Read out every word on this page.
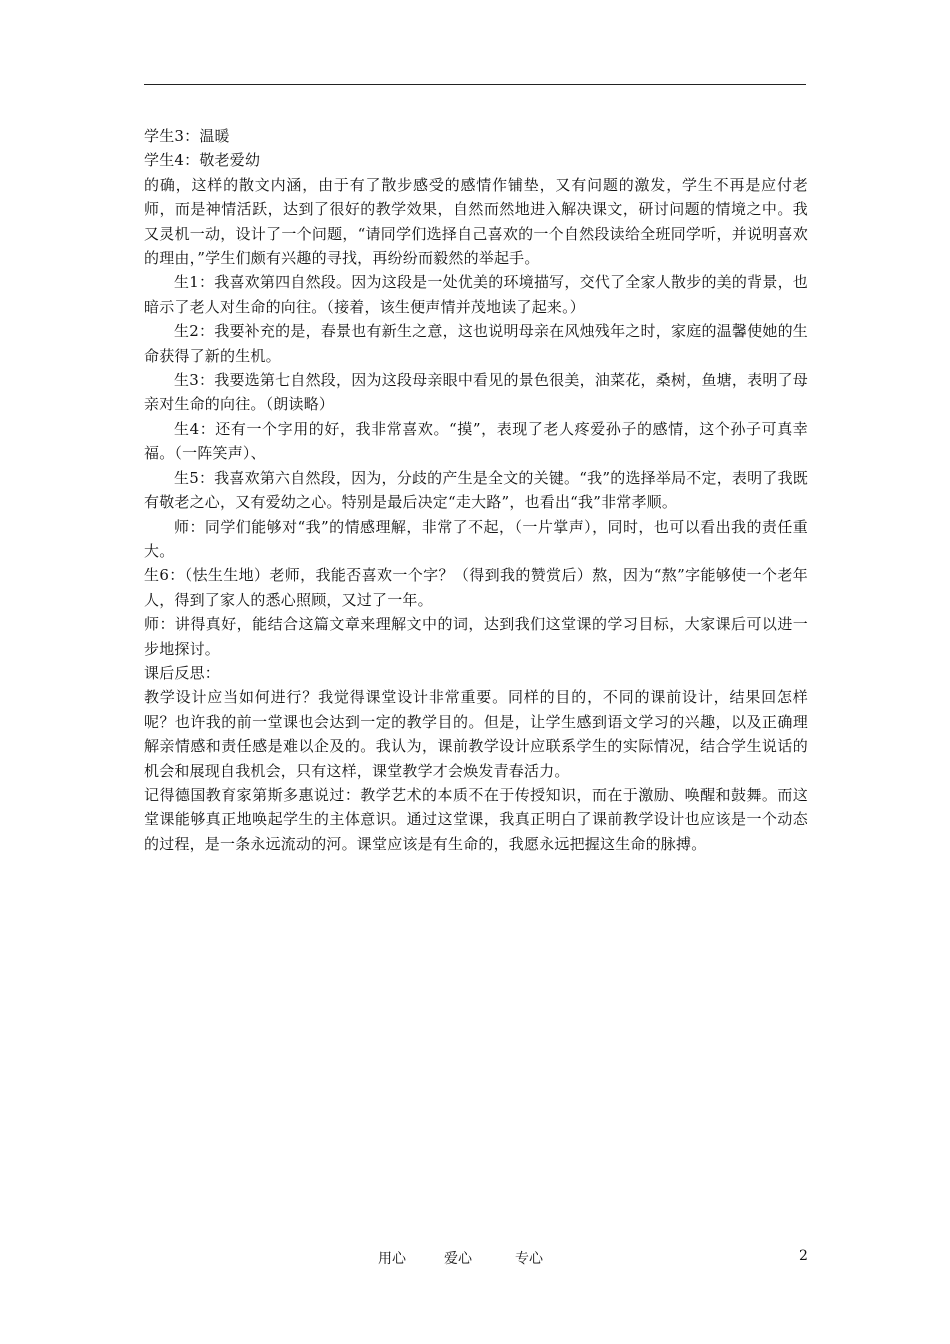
学生3：温暖

学生4：敬老爱幼

的确，这样的散文内涵，由于有了散步感受的感情作铺垫，又有问题的激发，学生不再是应付老师，而是神情活跃，达到了很好的教学效果，自然而然地进入解决课文，研讨问题的情境之中。我又灵机一动，设计了一个问题，“请同学们选择自己喜欢的一个自然段读给全班同学听，并说明喜欢的理由，”学生们颇有兴趣的寻找，再纷纷而毅然的举起手。

生1：我喜欢第四自然段。因为这段是一处优美的环境描写，交代了全家人散步的美的背景，也暗示了老人对生命的向往。（接着，该生便声情并茂地读了起来。）

生2：我要补充的是，春景也有新生之意，这也说明母亲在风烛残年之时，家庭的温馨使她的生命获得了新的生机。

生3：我要选第七自然段，因为这段母亲眼中看见的景色很美，油菜花，桑树，鱼塘，表明了母亲对生命的向往。（朗读略）

生4：还有一个字用的好，我非常喜欢。“摸”，表现了老人疼爱孙子的感情，这个孙子可真幸福。（一阵笑声）、

生5：我喜欢第六自然段，因为，分歧的产生是全文的关键。“我”的选择举局不定，表明了我既有敬老之心，又有爱幼之心。特别是最后决定“走大路”，也看出“我”非常孝顺。

师：同学们能够对“我”的情感理解，非常了不起，（一片掌声），同时，也可以看出我的责任重大。

生6：（怯生生地）老师，我能否喜欢一个字？（得到我的赞赏后）熬，因为“熬”字能够使一个老年人，得到了家人的悉心照顾，又过了一年。

师：讲得真好，能结合这篇文章来理解文中的词，达到我们这堂课的学习目标，大家课后可以进一步地探讨。

课后反思：

教学设计应当如何进行？我觉得课堂设计非常重要。同样的目的，不同的课前设计，结果回怎样呢？也许我的前一堂课也会达到一定的教学目的。但是，让学生感到语文学习的兴趣，以及正确理解亲情感和责任感是难以企及的。我认为，课前教学设计应联系学生的实际情况，结合学生说话的机会和展现自我机会，只有这样，课堂教学才会焕发青春活力。

记得德国教育家第斯多惠说过：教学艺术的本质不在于传授知识，而在于激励、唤醒和鼓舞。而这堂课能够真正地唤起学生的主体意识。通过这堂课，我真正明白了课前教学设计也应该是一个动态的过程，是一条永远流动的河。课堂应该是有生命的，我愿永远把握这生命的脉搏。

用心

	爱心

	专心

	2
